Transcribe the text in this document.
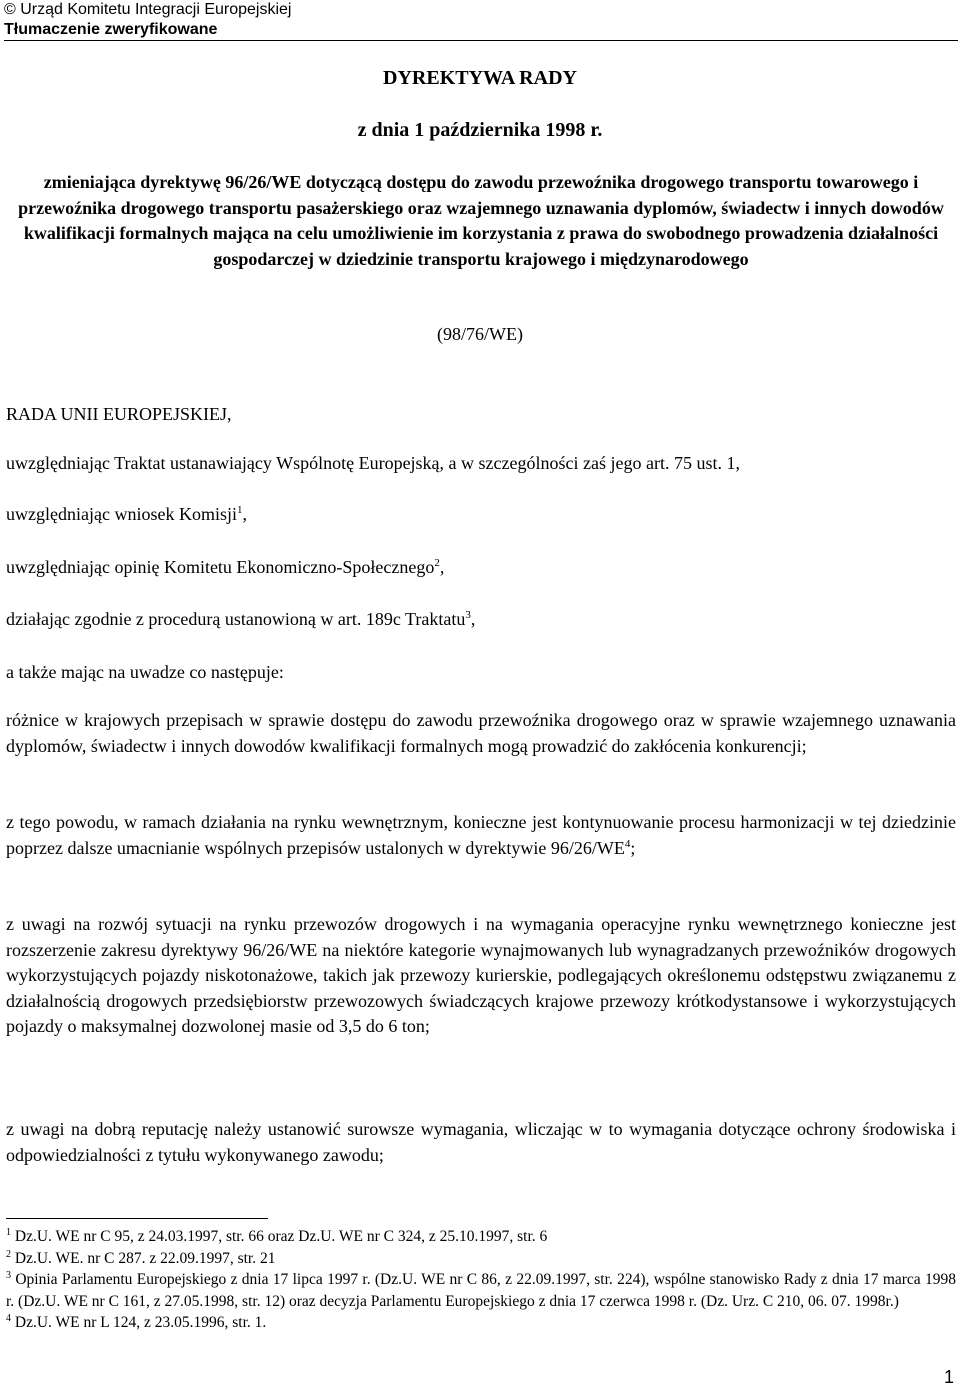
© Urząd Komitetu Integracji Europejskiej
Tłumaczenie zweryfikowane
DYREKTYWA RADY
z dnia 1 października 1998 r.

zmieniająca dyrektywę 96/26/WE dotyczącą dostępu do zawodu przewoźnika drogowego transportu towarowego i przewoźnika drogowego transportu pasażerskiego oraz wzajemnego uznawania dyplomów, świadectw i innych dowodów kwalifikacji formalnych mająca na celu umożliwienie im korzystania z prawa do swobodnego prowadzenia działalności gospodarczej w dziedzinie transportu krajowego i międzynarodowego

(98/76/WE)

RADA UNII EUROPEJSKIEJ,

uwzględniając Traktat ustanawiający Wspólnotę Europejską, a w szczególności zaś jego art. 75 ust. 1,

uwzględniając wniosek Komisji$^1$,

uwzględniając opinię Komitetu Ekonomiczno-Społecznego$^2$,

działając zgodnie z procedurą ustanowioną w art. 189c Traktatu$^3$,

a także mając na uwadze co następuje:

różnice w krajowych przepisach w sprawie dostępu do zawodu przewoźnika drogowego oraz w sprawie wzajemnego uznawania dyplomów, świadectw i innych dowodów kwalifikacji formalnych mogą prowadzić do zakłócenia konkurencji;

z tego powodu, w ramach działania na rynku wewnętrznym, konieczne jest kontynuowanie procesu harmonizacji w tej dziedzinie poprzez dalsze umacnianie wspólnych przepisów ustalonych w dyrektywie $96/26/WE^4$;

z uwagi na rozwój sytuacji na rynku przewozów drogowych i na wymagania operacyjne rynku wewnętrznego konieczne jest rozszerzenie zakresu dyrektywy 96/26/WE na niektóre kategorie wynajmowanych lub wynagradzanych przewoźników drogowych wykorzystujących pojazdy niskotonażowe, takich jak przewozy kurierskie, podlegających określonemu odstępstwu związanemu z działalnością drogowych przedsiębiorstw przewozowych świadczących krajowe przewozy krótkodystansowe i wykorzystujących pojazdy o maksymalnej dozwolonej masie od 3,5 do 6 ton;

z uwagi na dobrą reputację należy ustanowić surowsze wymagania, wliczając w to wymagania dotyczące ochrony środowiska i odpowiedzialności z tytułu wykonywanego zawodu;

$^1$ Dz.U. WE nr C 95, z 24.03.1997, str. 66 oraz Dz.U. WE nr C 324, z 25.10.1997, str. 6

$^2$ Dz.U. WE. nr C 287. z 22.09.1997, str. 21

$^3$ Opinia Parlamentu Europejskiego z dnia 17 lipca 1997 r. (Dz.U. WE nr C 86, z 22.09.1997, str. 224), wspólne stanowisko Rady z dnia 17 marca 1998 r. (Dz.U. WE nr C 161, z 27.05.1998, str. 12) oraz decyzja Parlamentu Europejskiego z dnia 17 czerwca 1998 r. (Dz. Urz. C 210, 06. 07. 1998r.)

$^4$ Dz.U. WE nr L 124, z 23.05.1996, str. 1.

1
